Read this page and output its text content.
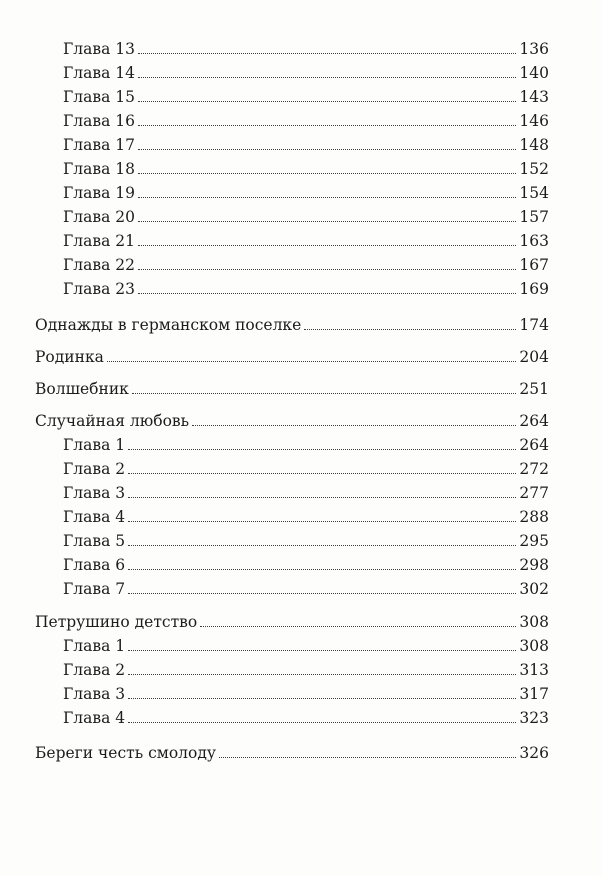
Глава 13	136
Глава 14	140
Глава 15	143
Глава 16	146
Глава 17	148
Глава 18	152
Глава 19	154
Глава 20	157
Глава 21	163
Глава 22	167
Глава 23	169
Однажды в германском поселке	174
Родинка	204
Волшебник	251
Случайная любовь	264
Глава 1	264
Глава 2	272
Глава 3	277
Глава 4	288
Глава 5	295
Глава 6	298
Глава 7	302
Петрушино детство	308
Глава 1	308
Глава 2	313
Глава 3	317
Глава 4	323
Береги честь смолоду	326
